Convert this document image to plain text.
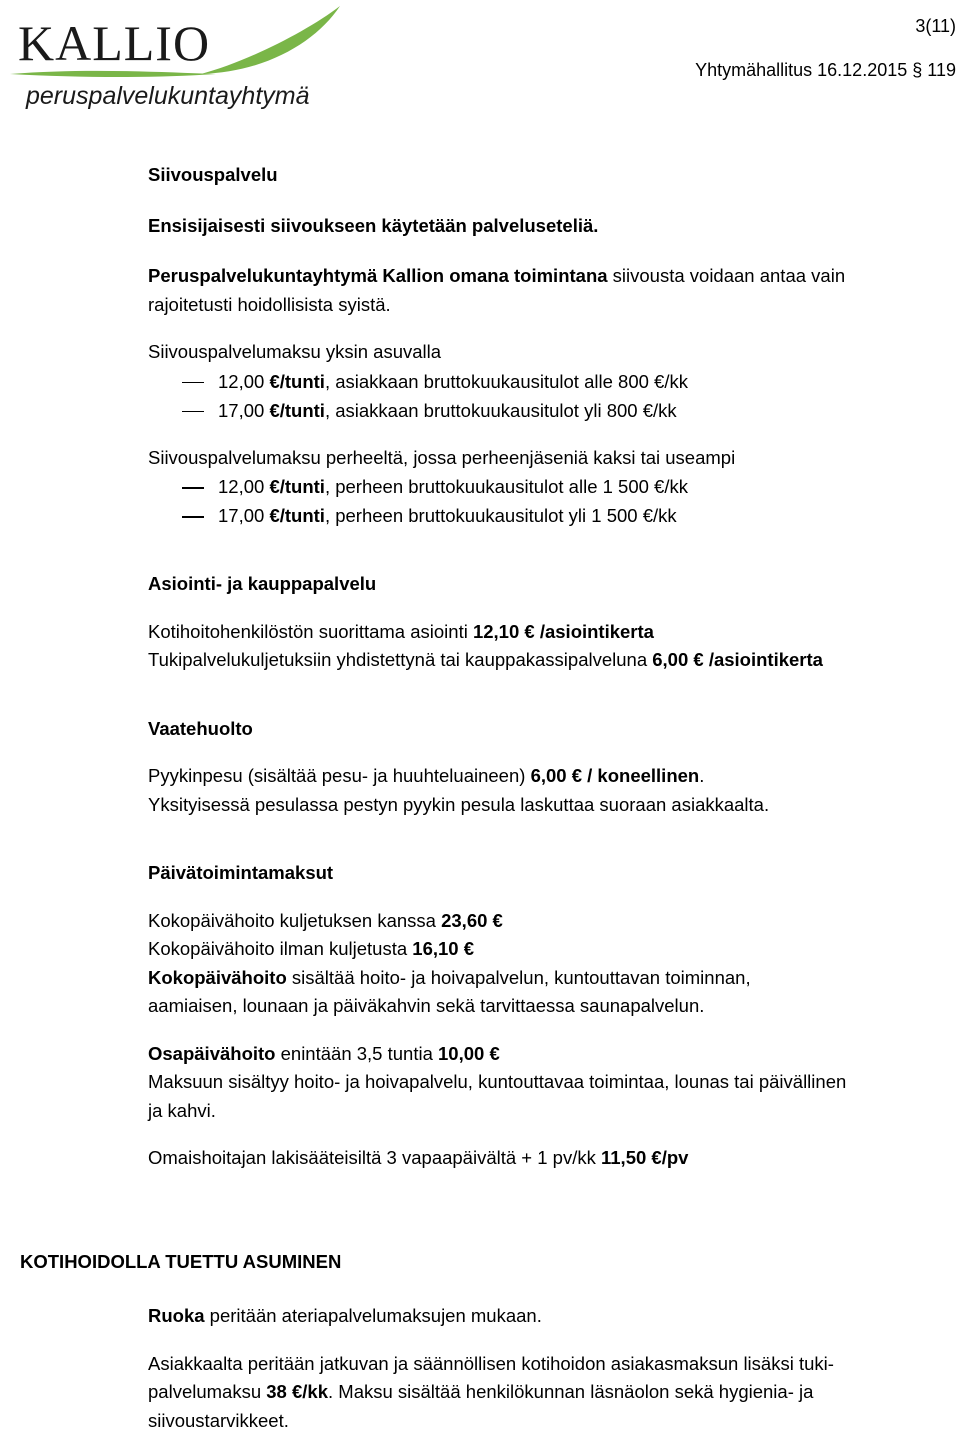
KALLIO
peruspalvelukuntayhtymä
3(11)
Yhtymähallitus 16.12.2015 § 119

Siivouspalvelu

Ensisijaisesti siivoukseen käytetään palveluseteliä.

Peruspalvelukuntayhtymä Kallion omana toimintana siivousta voidaan antaa vain

rajoitetusti hoidollisista syistä.

Siivouspalvelumaksu yksin asuvalla

12,00 €/tunti, asiakkaan bruttokuukausitulot alle 800 €/kk

17,00 €/tunti, asiakkaan bruttokuukausitulot yli 800 €/kk

Siivouspalvelumaksu perheeltä, jossa perheenjäseniä kaksi tai useampi

12,00 €/tunti, perheen bruttokuukausitulot alle 1 500 €/kk

17,00 €/tunti, perheen bruttokuukausitulot yli 1 500 €/kk

Asiointi- ja kauppapalvelu

Kotihoitohenkilöstön suorittama asiointi 12,10 € /asiointikerta

Tukipalvelukuljetuksiin yhdistettynä tai kauppakassipalveluna 6,00 € /asiointikerta

Vaatehuolto

Pyykinpesu (sisältää pesu- ja huuhteluaineen) 6,00 € / koneellinen.

Yksityisessä pesulassa pestyn pyykin pesula laskuttaa suoraan asiakkaalta.

Päivätoimintamaksut

Kokopäivähoito kuljetuksen kanssa 23,60 €

Kokopäivähoito ilman kuljetusta 16,10 €

Kokopäivähoito sisältää hoito- ja hoivapalvelun, kuntouttavan toiminnan,

aamiaisen, lounaan ja päiväkahvin sekä tarvittaessa saunapalvelun.

Osapäivähoito enintään 3,5 tuntia 10,00 €

Maksuun sisältyy hoito- ja hoivapalvelu, kuntouttavaa toimintaa, lounas tai päivällinen

ja kahvi.

Omaishoitajan lakisääteisiltä 3 vapaapäivältä + 1 pv/kk 11,50 €/pv

KOTIHOIDOLLA TUETTU ASUMINEN

Ruoka peritään ateriapalvelumaksujen mukaan.

Asiakkaalta peritään jatkuvan ja säännöllisen kotihoidon asiakasmaksun lisäksi tuki-

palvelumaksu 38 €/kk. Maksu sisältää henkilökunnan läsnäolon sekä hygienia- ja

siivoustarvikkeet.
